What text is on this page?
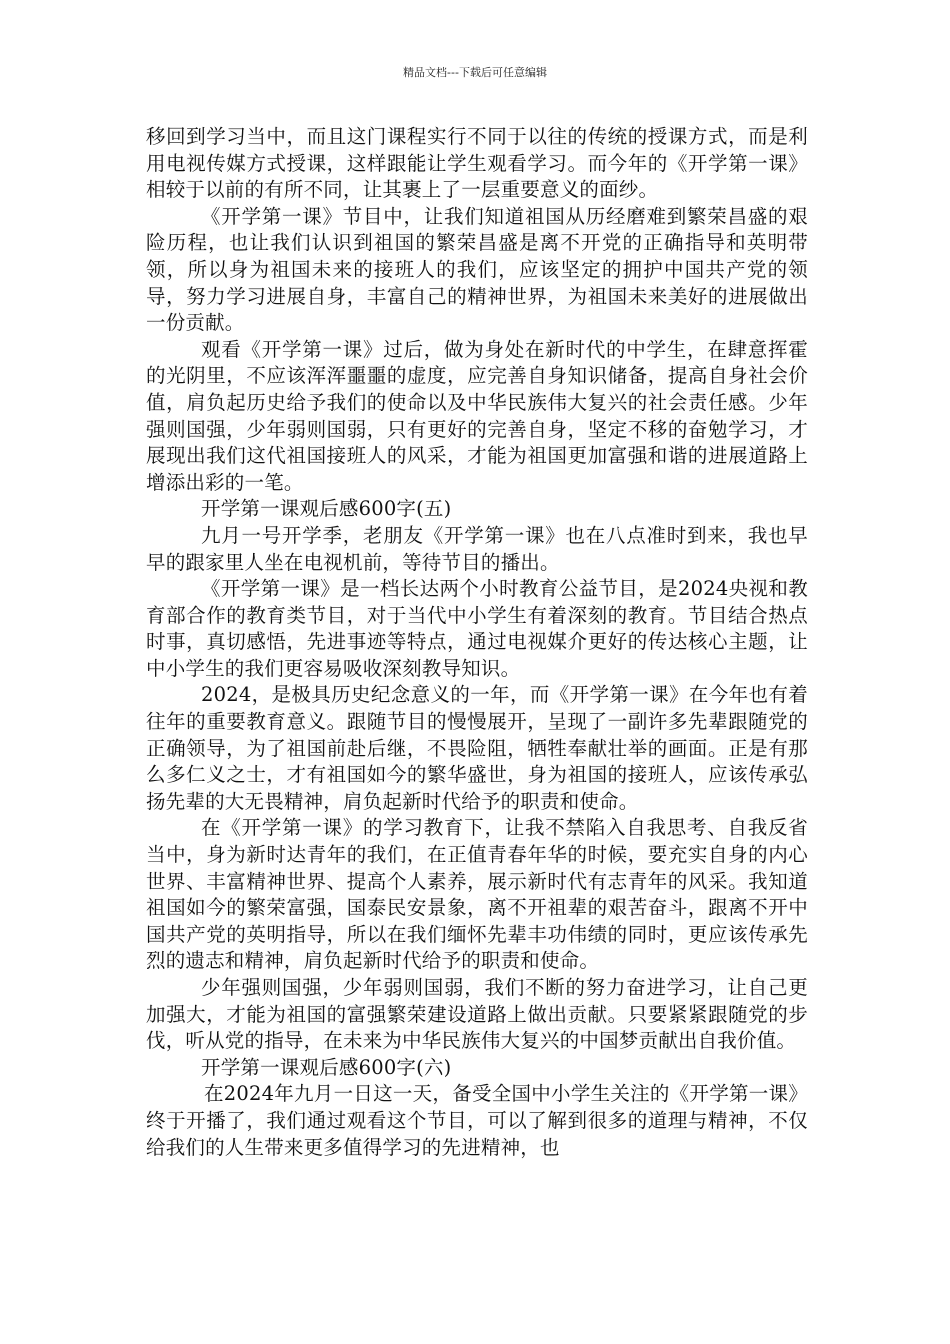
精品文档---下载后可任意编辑

移回到学习当中，而且这门课程实行不同于以往的传统的授课方式，而是利用电视传媒方式授课，这样跟能让学生观看学习。而今年的《开学第一课》相较于以前的有所不同，让其裹上了一层重要意义的面纱。

《开学第一课》节目中，让我们知道祖国从历经磨难到繁荣昌盛的艰险历程，也让我们认识到祖国的繁荣昌盛是离不开党的正确指导和英明带领，所以身为祖国未来的接班人的我们，应该坚定的拥护中国共产党的领导，努力学习进展自身，丰富自己的精神世界，为祖国未来美好的进展做出一份贡献。

观看《开学第一课》过后，做为身处在新时代的中学生，在肆意挥霍的光阴里，不应该浑浑噩噩的虚度，应完善自身知识储备，提高自身社会价值，肩负起历史给予我们的使命以及中华民族伟大复兴的社会责任感。少年强则国强，少年弱则国弱，只有更好的完善自身，坚定不移的奋勉学习，才展现出我们这代祖国接班人的风采，才能为祖国更加富强和谐的进展道路上增添出彩的一笔。

开学第一课观后感600字(五)

九月一号开学季，老朋友《开学第一课》也在八点准时到来，我也早早的跟家里人坐在电视机前，等待节目的播出。

《开学第一课》是一档长达两个小时教育公益节目，是2024央视和教育部合作的教育类节目，对于当代中小学生有着深刻的教育。节目结合热点时事，真切感悟，先进事迹等特点，通过电视媒介更好的传达核心主题，让中小学生的我们更容易吸收深刻教导知识。

2024，是极具历史纪念意义的一年，而《开学第一课》在今年也有着往年的重要教育意义。跟随节目的慢慢展开，呈现了一副许多先辈跟随党的正确领导，为了祖国前赴后继，不畏险阻，牺牲奉献壮举的画面。正是有那么多仁义之士，才有祖国如今的繁华盛世，身为祖国的接班人，应该传承弘扬先辈的大无畏精神，肩负起新时代给予的职责和使命。

在《开学第一课》的学习教育下，让我不禁陷入自我思考、自我反省当中，身为新时达青年的我们，在正值青春年华的时候，要充实自身的内心世界、丰富精神世界、提高个人素养，展示新时代有志青年的风采。我知道祖国如今的繁荣富强，国泰民安景象，离不开祖辈的艰苦奋斗，跟离不开中国共产党的英明指导，所以在我们缅怀先辈丰功伟绩的同时，更应该传承先烈的遗志和精神，肩负起新时代给予的职责和使命。

少年强则国强，少年弱则国弱，我们不断的努力奋进学习，让自己更加强大，才能为祖国的富强繁荣建设道路上做出贡献。只要紧紧跟随党的步伐，听从党的指导，在未来为中华民族伟大复兴的中国梦贡献出自我价值。

开学第一课观后感600字(六)

在2024年九月一日这一天，备受全国中小学生关注的《开学第一课》终于开播了，我们通过观看这个节目，可以了解到很多的道理与精神，不仅给我们的人生带来更多值得学习的先进精神，也
